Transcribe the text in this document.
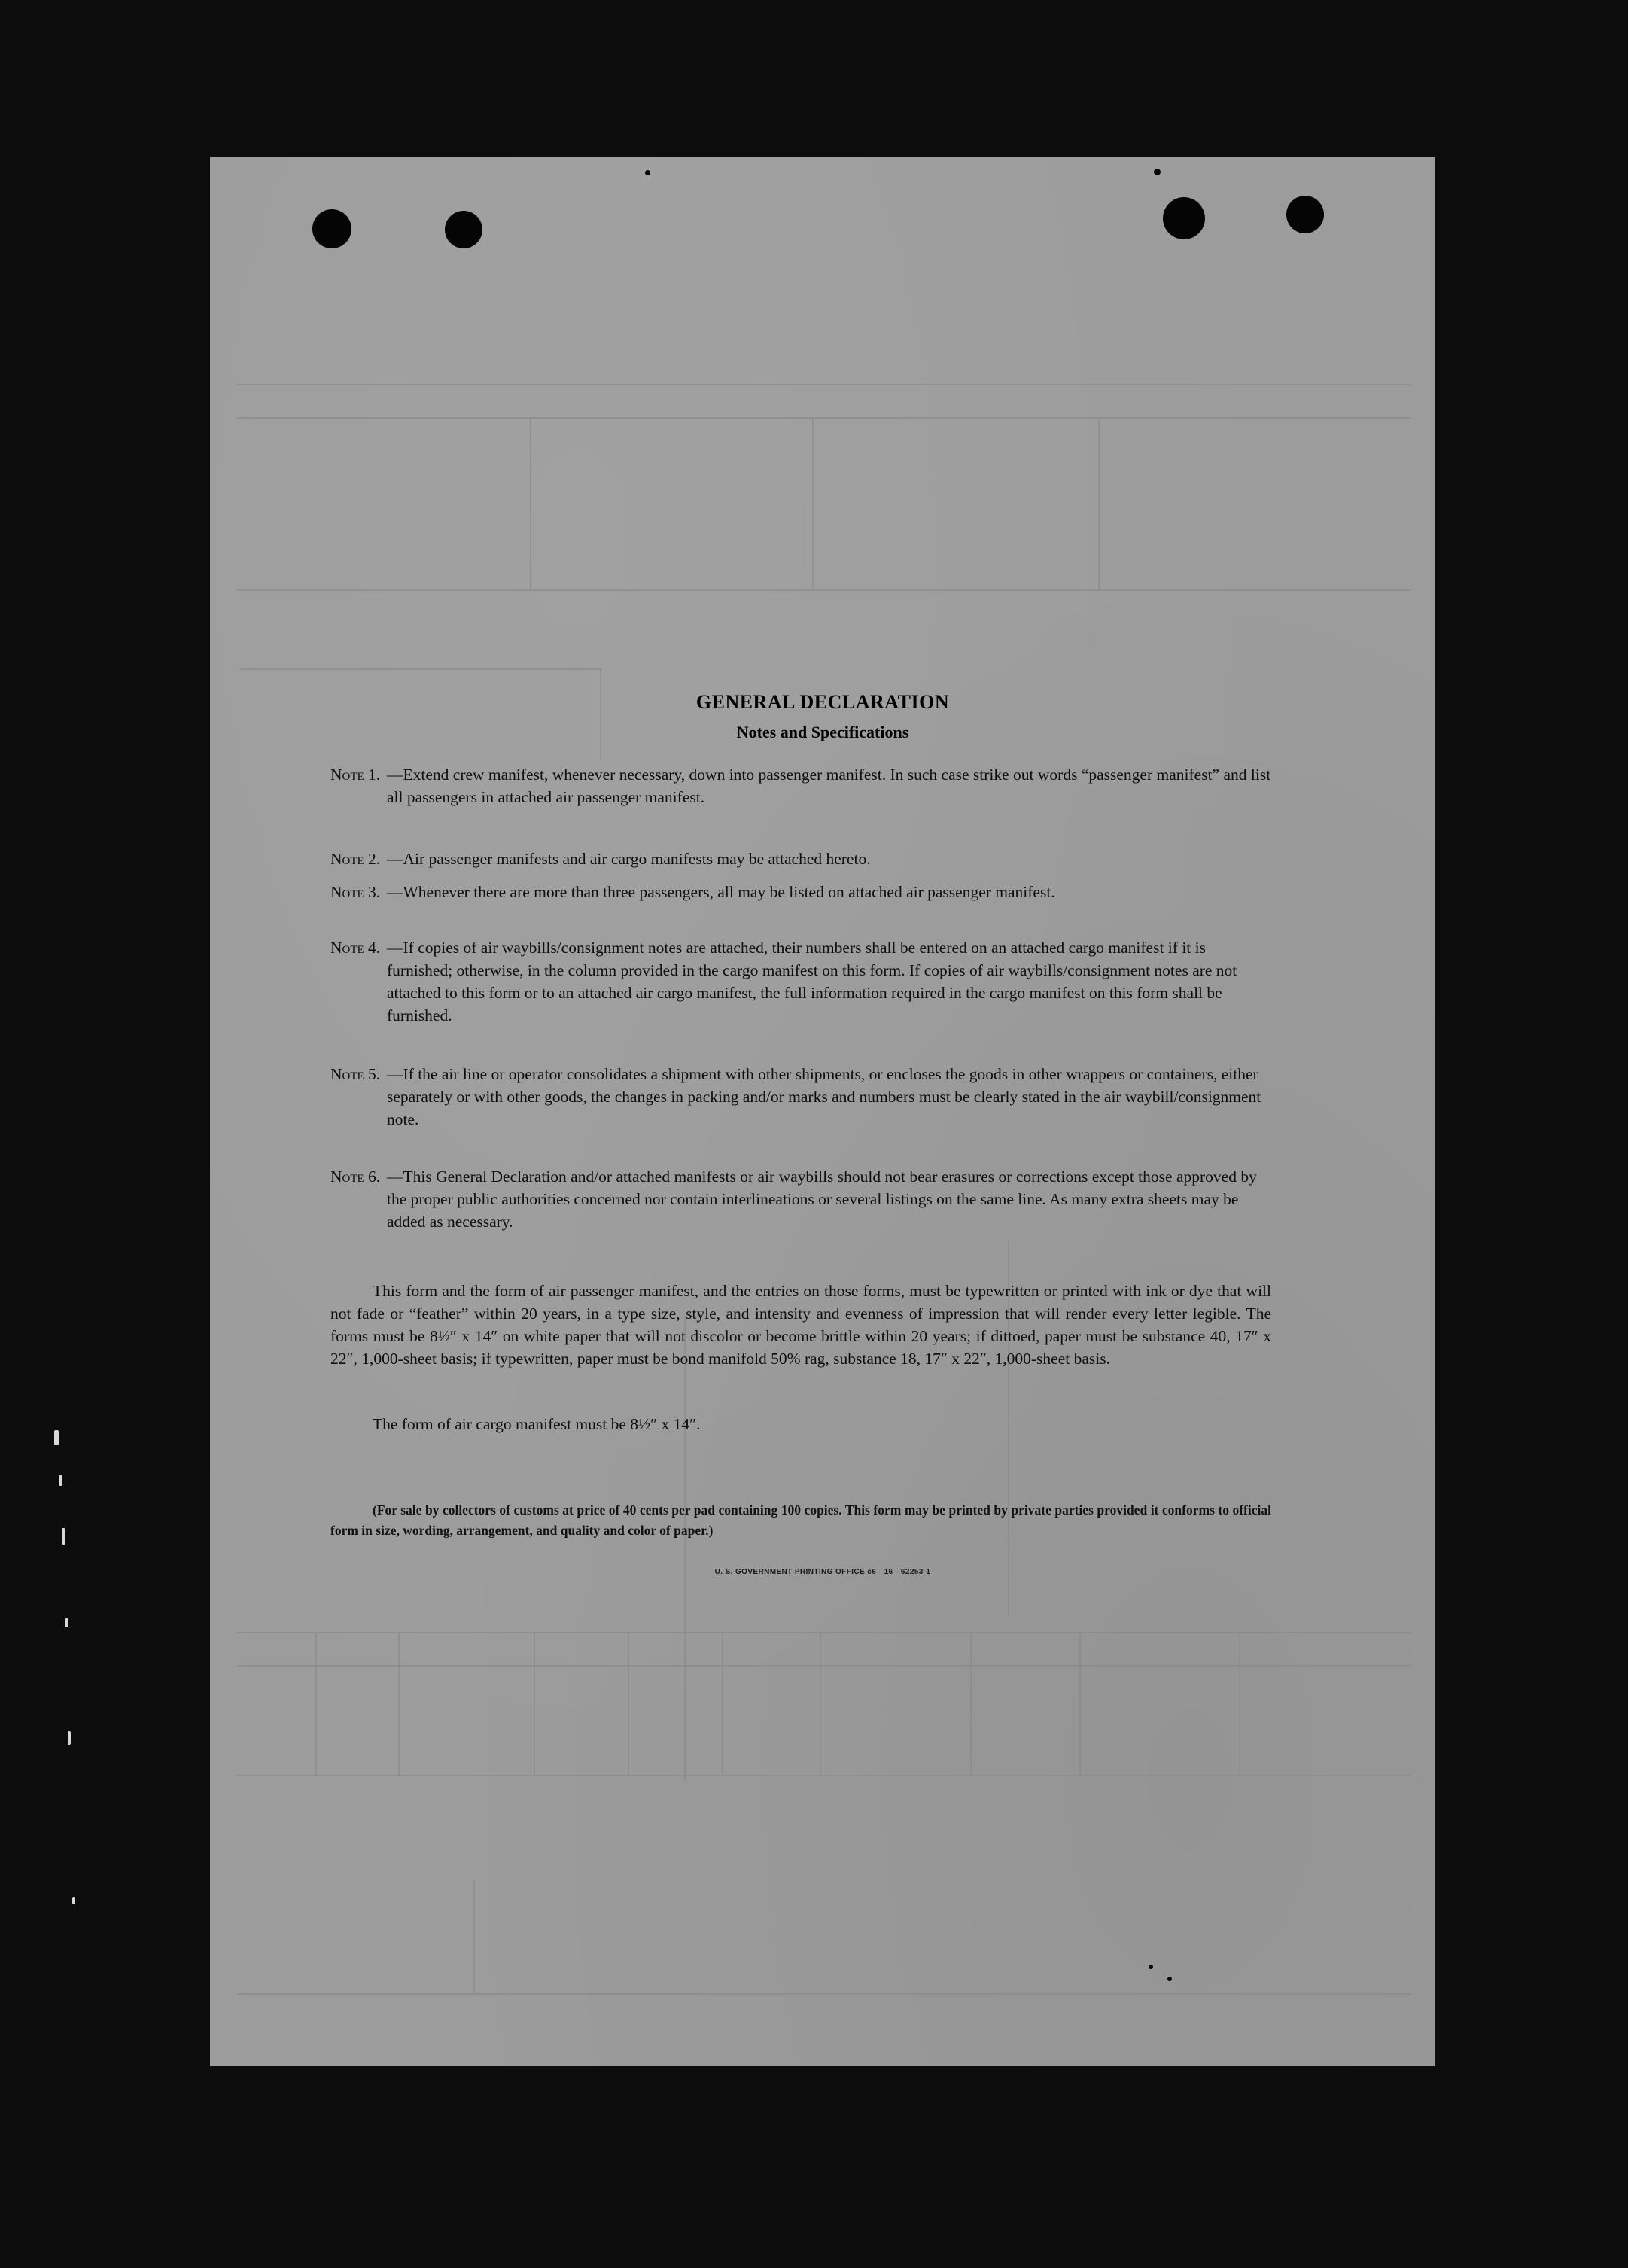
GENERAL DECLARATION
Notes and Specifications
Note 1. —Extend crew manifest, whenever necessary, down into passenger manifest. In such case strike out words “passenger manifest” and list all passengers in attached air passenger manifest.
Note 2. —Air passenger manifests and air cargo manifests may be attached hereto.
Note 3. —Whenever there are more than three passengers, all may be listed on attached air passenger manifest.
Note 4. —If copies of air waybills/consignment notes are attached, their numbers shall be entered on an attached cargo manifest if it is furnished; otherwise, in the column provided in the cargo manifest on this form. If copies of air waybills/consignment notes are not attached to this form or to an attached air cargo manifest, the full information required in the cargo manifest on this form shall be furnished.
Note 5. —If the air line or operator consolidates a shipment with other shipments, or encloses the goods in other wrappers or containers, either separately or with other goods, the changes in packing and/or marks and numbers must be clearly stated in the air waybill/consignment note.
Note 6. —This General Declaration and/or attached manifests or air waybills should not bear erasures or corrections except those approved by the proper public authorities concerned nor contain interlineations or several listings on the same line. As many extra sheets may be added as necessary.
This form and the form of air passenger manifest, and the entries on those forms, must be typewritten or printed with ink or dye that will not fade or “feather” within 20 years, in a type size, style, and intensity and evenness of impression that will render every letter legible. The forms must be 8½″ x 14″ on white paper that will not discolor or become brittle within 20 years; if dittoed, paper must be substance 40, 17″ x 22″, 1,000-sheet basis; if typewritten, paper must be bond manifold 50% rag, substance 18, 17″ x 22″, 1,000-sheet basis.
The form of air cargo manifest must be 8½″ x 14″.
(For sale by collectors of customs at price of 40 cents per pad containing 100 copies. This form may be printed by private parties provided it conforms to official form in size, wording, arrangement, and quality and color of paper.)
U. S. GOVERNMENT PRINTING OFFICE c6—16—62253-1
